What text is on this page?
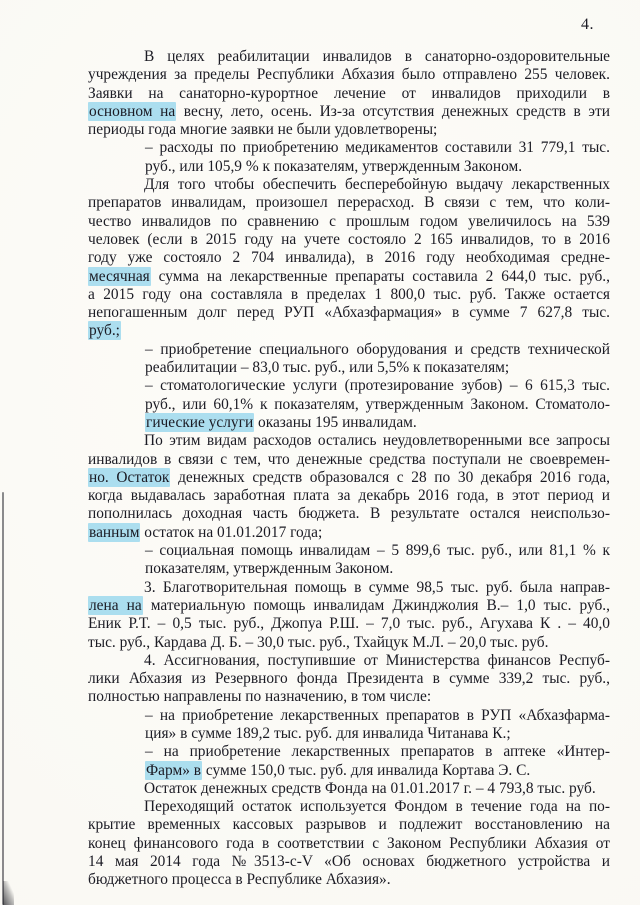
4.
В целях реабилитации инвалидов в санаторно-оздоровительные
учреждения за пределы Республики Абхазия было отправлено 255 человек.
Заявки на санаторно-курортное лечение от инвалидов приходили в
основном на весну, лето, осень. Из-за отсутствия денежных средств в эти
периоды года многие заявки не были удовлетворены;
– расходы по приобретению медикаментов составили 31 779,1 тыс.
руб., или 105,9 % к показателям, утвержденным Законом.
Для того чтобы обеспечить бесперебойную выдачу лекарственных
препаратов инвалидам, произошел перерасход. В связи с тем, что коли-
чество инвалидов по сравнению с прошлым годом увеличилось на 539
человек (если в 2015 году на учете состояло 2 165 инвалидов, то в 2016
году уже состояло 2 704 инвалида), в 2016 году необходимая средне-
месячная сумма на лекарственные препараты составила 2 644,0 тыс. руб.,
а 2015 году она составляла в пределах 1 800,0 тыс. руб. Также остается
непогашенным долг перед РУП «Абхазфармация» в сумме 7 627,8 тыс.
руб.;
– приобретение специального оборудования и средств технической
реабилитации – 83,0 тыс. руб., или 5,5% к показателям;
– стоматологические услуги (протезирование зубов) – 6 615,3 тыс.
руб., или 60,1% к показателям, утвержденным Законом. Стоматоло-
гические услуги оказаны 195 инвалидам.
По этим видам расходов остались неудовлетворенными все запросы
инвалидов в связи с тем, что денежные средства поступали не своевремен-
но. Остаток денежных средств образовался с 28 по 30 декабря 2016 года,
когда выдавалась заработная плата за декабрь 2016 года, в этот период и
пополнилась доходная часть бюджета. В результате остался неиспользо-
ванным остаток на 01.01.2017 года;
– социальная помощь инвалидам – 5 899,6 тыс. руб., или 81,1 % к
показателям, утвержденным Законом.
3. Благотворительная помощь в сумме 98,5 тыс. руб. была направ-
лена на материальную помощь инвалидам Джинджолия В.– 1,0 тыс. руб.,
Еник Р.Т. – 0,5 тыс. руб., Джопуа Р.Ш. – 7,0 тыс. руб., Агухава К . – 40,0
тыс. руб., Кардава Д. Б. – 30,0 тыс. руб., Тхайцук М.Л. – 20,0 тыс. руб.
4. Ассигнования, поступившие от Министерства финансов Респуб-
лики Абхазия из Резервного фонда Президента в сумме 339,2 тыс. руб.,
полностью направлены по назначению, в том числе:
– на приобретение лекарственных препаратов в РУП «Абхазфарма-
ция» в сумме 189,2 тыс. руб. для инвалида Читанава К.;
– на приобретение лекарственных препаратов в аптеке «Интер-
Фарм» в сумме 150,0 тыс. руб. для инвалида Кортава Э. С.
Остаток денежных средств Фонда на 01.01.2017 г. – 4 793,8 тыс. руб.
Переходящий остаток используется Фондом в течение года на по-
крытие временных кассовых разрывов и подлежит восстановлению на
конец финансового года в соответствии с Законом Республики Абхазия от
14 мая 2014 года №3513-с-V «Об основах бюджетного устройства и
бюджетного процесса в Республике Абхазия».
